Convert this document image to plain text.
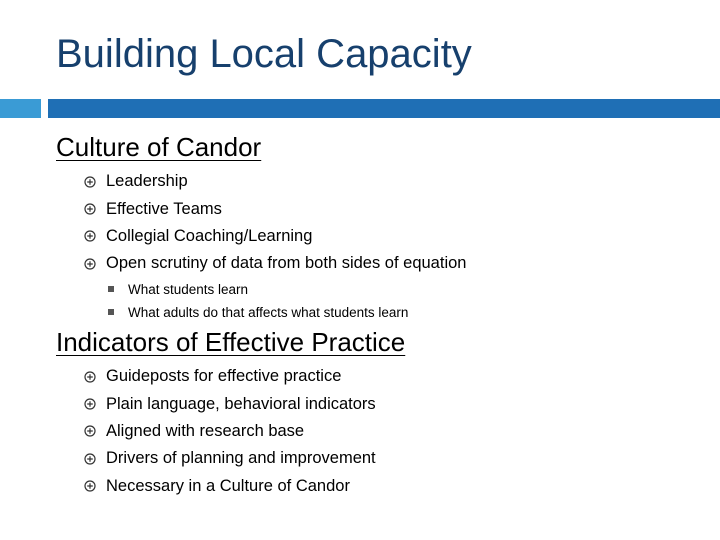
Building Local Capacity
Culture of Candor
Leadership
Effective Teams
Collegial Coaching/Learning
Open scrutiny of data from both sides of equation
What students learn
What adults do that affects what students learn
Indicators of Effective Practice
Guideposts for effective practice
Plain language, behavioral indicators
Aligned with research base
Drivers of planning and improvement
Necessary in a Culture of Candor
